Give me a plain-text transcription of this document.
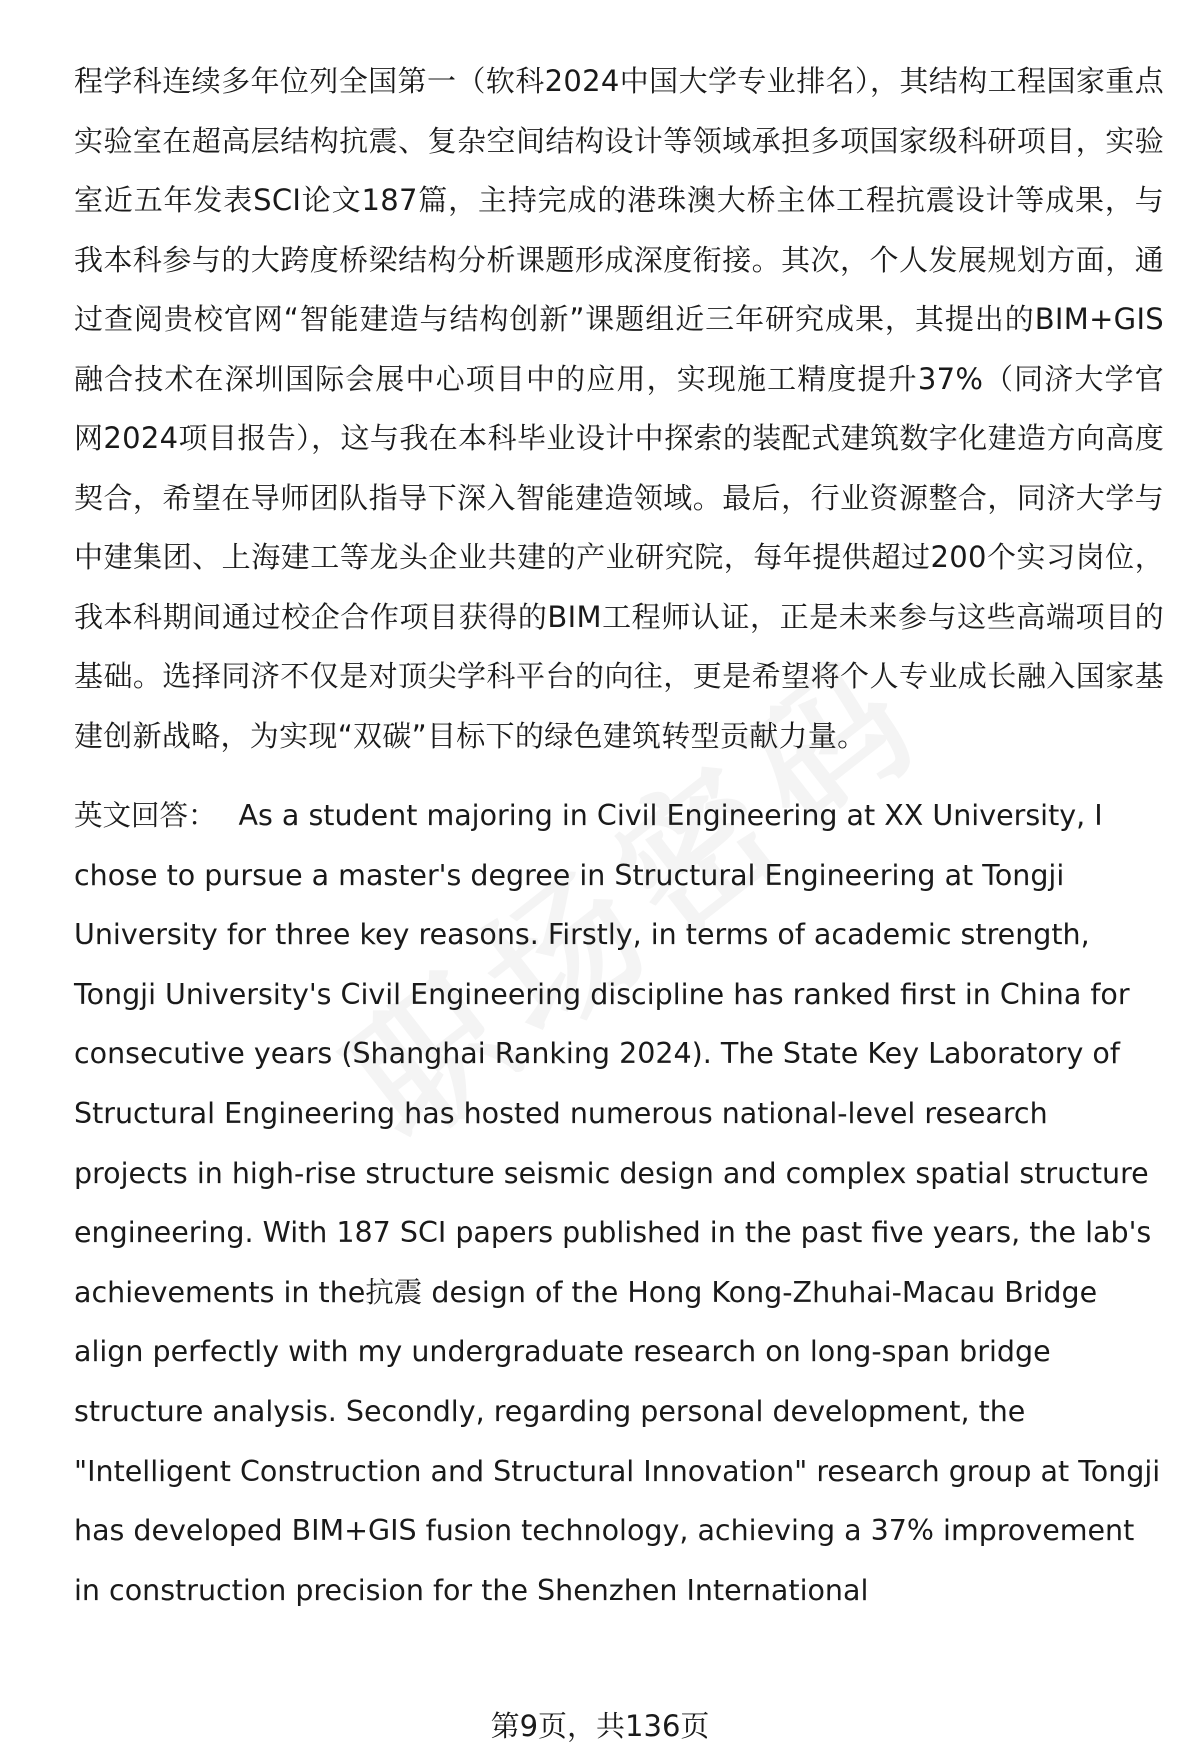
程学科连续多年位列全国第一（软科2024中国大学专业排名），其结构工程国家重点实验室在超高层结构抗震、复杂空间结构设计等领域承担多项国家级科研项目，实验室近五年发表SCI论文187篇，主持完成的港珠澳大桥主体工程抗震设计等成果，与我本科参与的大跨度桥梁结构分析课题形成深度衔接。其次，个人发展规划方面，通过查阅贵校官网“智能建造与结构创新”课题组近三年研究成果，其提出的BIM+GIS融合技术在深圳国际会展中心项目中的应用，实现施工精度提升37%（同济大学官网2024项目报告），这与我在本科毕业设计中探索的装配式建筑数字化建造方向高度契合，希望在导师团队指导下深入智能建造领域。最后，行业资源整合，同济大学与中建集团、上海建工等龙头企业共建的产业研究院，每年提供超过200个实习岗位，我本科期间通过校企合作项目获得的BIM工程师认证，正是未来参与这些高端项目的基础。选择同济不仅是对顶尖学科平台的向往，更是希望将个人专业成长融入国家基建创新战略，为实现“双碳”目标下的绿色建筑转型贡献力量。

英文回答： As a student majoring in Civil Engineering at XX University, I chose to pursue a master's degree in Structural Engineering at Tongji University for three key reasons. Firstly, in terms of academic strength, Tongji University's Civil Engineering discipline has ranked first in China for consecutive years (Shanghai Ranking 2024). The State Key Laboratory of Structural Engineering has hosted numerous national-level research projects in high-rise structure seismic design and complex spatial structure engineering. With 187 SCI papers published in the past five years, the lab's achievements in the抗震 design of the Hong Kong-Zhuhai-Macau Bridge align perfectly with my undergraduate research on long-span bridge structure analysis. Secondly, regarding personal development, the "Intelligent Construction and Structural Innovation" research group at Tongji has developed BIM+GIS fusion technology, achieving a 37% improvement in construction precision for the Shenzhen International

第9页，共136页
